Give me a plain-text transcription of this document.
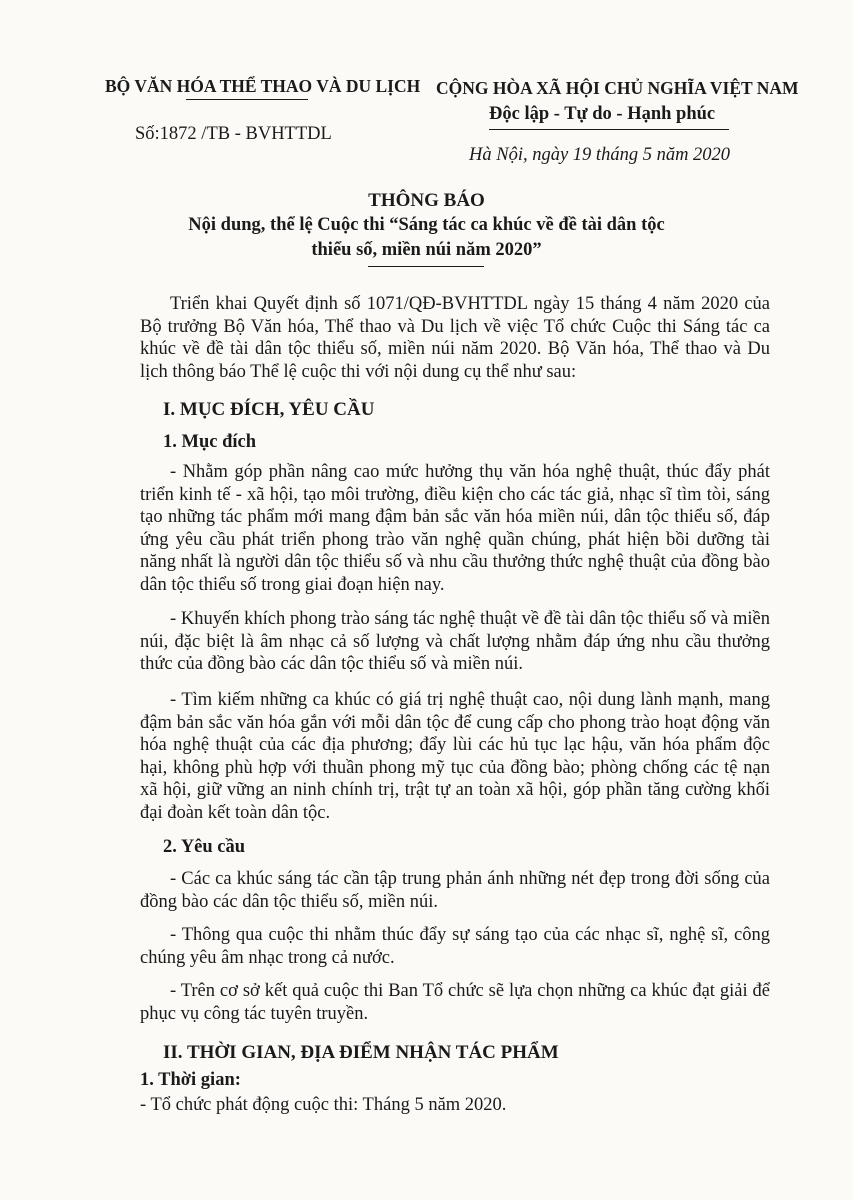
BỘ VĂN HÓA THỂ THAO VÀ DU LỊCH
Số:1872 /TB - BVHTTDL
CỘNG HÒA XÃ HỘI CHỦ NGHĨA VIỆT NAM
Độc lập - Tự do - Hạnh phúc
Hà Nội, ngày 19 tháng 5 năm 2020
THÔNG BÁO
Nội dung, thể lệ Cuộc thi “Sáng tác ca khúc về đề tài dân tộc
thiểu số, miền núi năm 2020”
Triển khai Quyết định số 1071/QĐ-BVHTTDL ngày 15 tháng 4 năm 2020 của Bộ trưởng Bộ Văn hóa, Thể thao và Du lịch về việc Tổ chức Cuộc thi Sáng tác ca khúc về đề tài dân tộc thiểu số, miền núi năm 2020. Bộ Văn hóa, Thể thao và Du lịch thông báo Thể lệ cuộc thi với nội dung cụ thể như sau:
I. MỤC ĐÍCH, YÊU CẦU
1. Mục đích
- Nhằm góp phần nâng cao mức hưởng thụ văn hóa nghệ thuật, thúc đẩy phát triển kinh tế - xã hội, tạo môi trường, điều kiện cho các tác giả, nhạc sĩ tìm tòi, sáng tạo những tác phẩm mới mang đậm bản sắc văn hóa miền núi, dân tộc thiểu số, đáp ứng yêu cầu phát triển phong trào văn nghệ quần chúng, phát hiện bồi dưỡng tài năng nhất là người dân tộc thiểu số và nhu cầu thưởng thức nghệ thuật của đồng bào dân tộc thiểu số trong giai đoạn hiện nay.
- Khuyến khích phong trào sáng tác nghệ thuật về đề tài dân tộc thiểu số và miền núi, đặc biệt là âm nhạc cả số lượng và chất lượng nhằm đáp ứng nhu cầu thưởng thức của đồng bào các dân tộc thiểu số và miền núi.
- Tìm kiếm những ca khúc có giá trị nghệ thuật cao, nội dung lành mạnh, mang đậm bản sắc văn hóa gắn với mỗi dân tộc để cung cấp cho phong trào hoạt động văn hóa nghệ thuật của các địa phương; đẩy lùi các hủ tục lạc hậu, văn hóa phẩm độc hại, không phù hợp với thuần phong mỹ tục của đồng bào; phòng chống các tệ nạn xã hội, giữ vững an ninh chính trị, trật tự an toàn xã hội, góp phần tăng cường khối đại đoàn kết toàn dân tộc.
2. Yêu cầu
- Các ca khúc sáng tác cần tập trung phản ánh những nét đẹp trong đời sống của đồng bào các dân tộc thiểu số, miền núi.
- Thông qua cuộc thi nhằm thúc đẩy sự sáng tạo của các nhạc sĩ, nghệ sĩ, công chúng yêu âm nhạc trong cả nước.
- Trên cơ sở kết quả cuộc thi Ban Tổ chức sẽ lựa chọn những ca khúc đạt giải để phục vụ công tác tuyên truyền.
II. THỜI GIAN, ĐỊA ĐIỂM NHẬN TÁC PHẨM
1. Thời gian:
- Tổ chức phát động cuộc thi: Tháng 5 năm 2020.
